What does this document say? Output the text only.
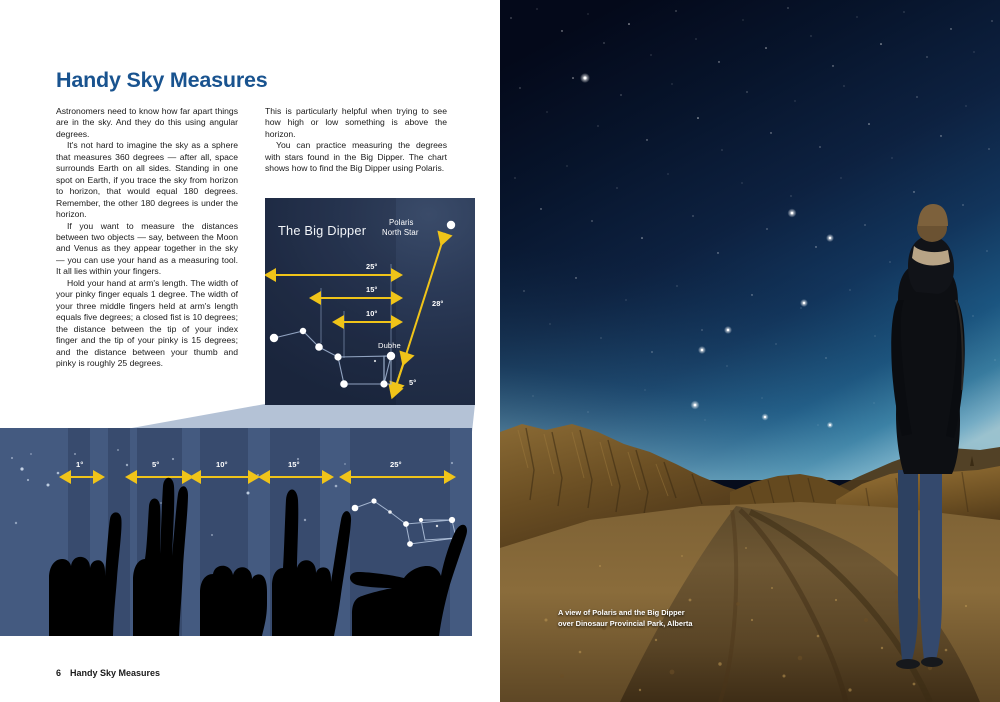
Handy Sky Measures

Astronomers need to know how far apart things are in the sky. And they do this using angular degrees.

It's not hard to imagine the sky as a sphere that measures 360 degrees — after all, space surrounds Earth on all sides. Standing in one spot on Earth, if you trace the sky from horizon to horizon, that would equal 180 degrees. Remember, the other 180 degrees is under the horizon.

If you want to measure the distances between two objects — say, between the Moon and Venus as they appear together in the sky — you can use your hand as a measuring tool. It all lies within your fingers.

Hold your hand at arm's length. The width of your pinky finger equals 1 degree. The width of your three middle fingers held at arm's length equals five degrees; a closed fist is 10 degrees; the distance between the tip of your index finger and the tip of your pinky is 15 degrees; and the distance between your thumb and pinky is roughly 25 degrees.

This is particularly helpful when trying to see how high or low something is above the horizon.

You can practice measuring the degrees with stars found in the Big Dipper. The chart shows how to find the Big Dipper using Polaris.

The Big Dipper
Polaris
North Star
25°
15°
10°
28°
5°
Dubhe
1°	5°	10°	15°	25°
6 Handy Sky Measures
A view of Polaris and the Big Dipper
over Dinosaur Provincial Park, Alberta
